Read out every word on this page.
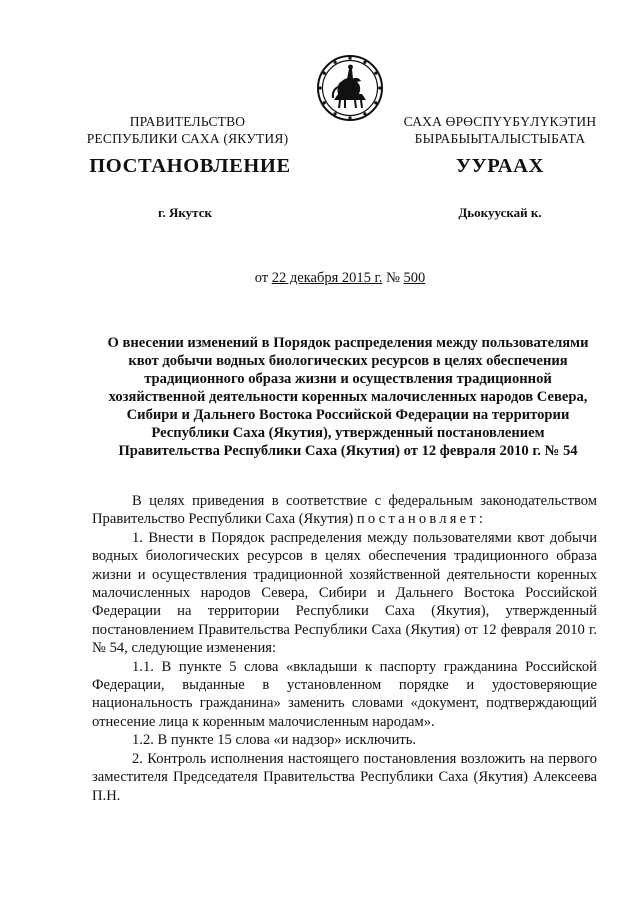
ПРАВИТЕЛЬСТВО
РЕСПУБЛИКИ САХА (ЯКУТИЯ)
САХА ӨРӨСПҮҮБҮЛҮКЭТИН
БЫРАБЫЫТАЛЫСТЫБАТА
ПОСТАНОВЛЕНИЕ	УУРААХ
г. Якутск	Дьокуускай к.
от 22 декабря 2015 г. № 500
О внесении изменений в Порядок распределения между пользователями
квот добычи водных биологических ресурсов в целях обеспечения
традиционного образа жизни и осуществления традиционной
хозяйственной деятельности коренных малочисленных народов Севера,
Сибири и Дальнего Востока Российской Федерации на территории
Республики Саха (Якутия), утвержденный постановлением
Правительства Республики Саха (Якутия) от 12 февраля 2010 г. № 54

В целях приведения в соответствие с федеральным законодательством Правительство Республики Саха (Якутия) постановляет:

1. Внести в Порядок распределения между пользователями квот добычи водных биологических ресурсов в целях обеспечения традиционного образа жизни и осуществления традиционной хозяйственной деятельности коренных малочисленных народов Севера, Сибири и Дальнего Востока Российской Федерации на территории Республики Саха (Якутия), утвержденный постановлением Правительства Республики Саха (Якутия) от 12 февраля 2010 г. № 54, следующие изменения:

1.1. В пункте 5 слова «вкладыши к паспорту гражданина Российской Федерации, выданные в установленном порядке и удостоверяющие национальность гражданина» заменить словами «документ, подтверждающий отнесение лица к коренным малочисленным народам».

1.2. В пункте 15 слова «и надзор» исключить.

2. Контроль исполнения настоящего постановления возложить на первого заместителя Председателя Правительства Республики Саха (Якутия) Алексеева П.Н.
